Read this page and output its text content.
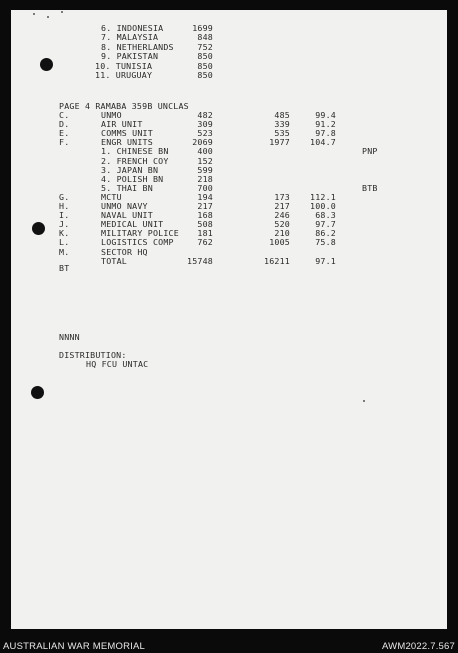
6. INDONESIA	1699
7. MALAYSIA	848
8. NETHERLANDS	752
9. PAKISTAN	850
10. TUNISIA	850
11. URUGUAY	850
PAGE 4 RAMABA 359B UNCLAS
C.	UNMO	482	485	99.4
D.	AIR UNIT	309	339	91.2
E.	COMMS UNIT	523	535	97.8
F.	ENGR UNITS	2069	1977	104.7
1. CHINESE BN	400	PNP
2. FRENCH COY	152
3. JAPAN BN	599
4. POLISH BN	218
5. THAI BN	700	BTB
G.	MCTU	194	173	112.1
H.	UNMO NAVY	217	217	100.0
I.	NAVAL UNIT	168	246	68.3
J.	MEDICAL UNIT	508	520	97.7
K.	MILITARY POLICE	181	210	86.2
L.	LOGISTICS COMP	762	1005	75.8
M.	SECTOR HQ
TOTAL	15748	16211	97.1
BT
NNNN
DISTRIBUTION:
HQ FCU UNTAC
AUSTRALIAN WAR MEMORIAL	AWM2022.7.567
